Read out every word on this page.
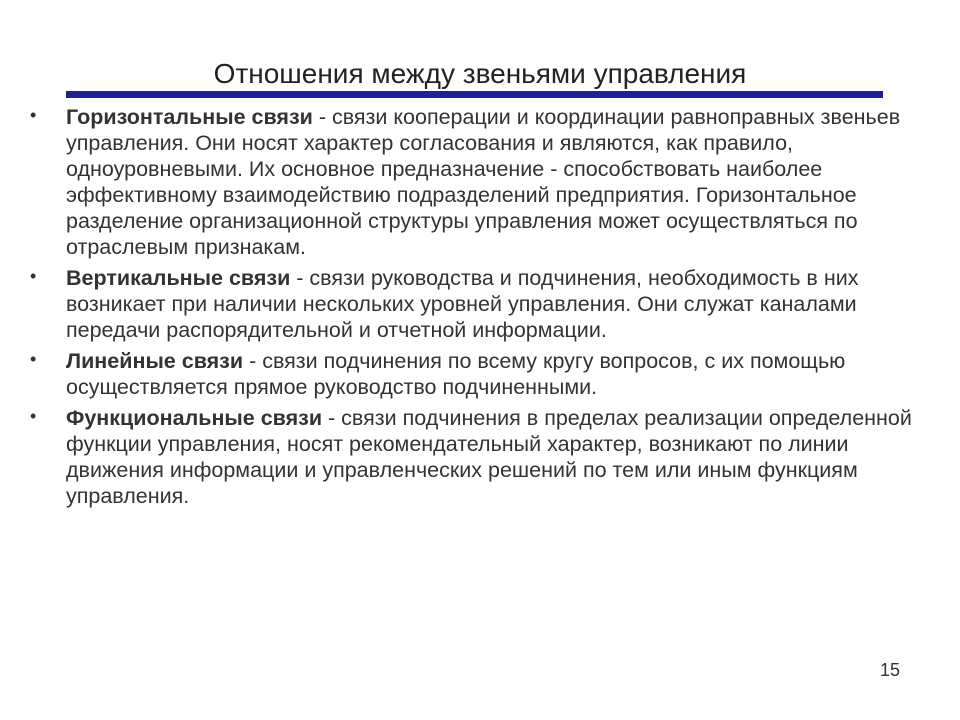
Отношения между звеньями управления
•	Горизонтальные связи - связи кооперации и координации равноправных звеньев управления. Они носят характер согласования и являются, как правило, одноуровневыми. Их основное предназначение - способствовать наиболее эффективному взаимодействию подразделений предприятия. Горизонтальное разделение организационной структуры управления может осуществляться по отраслевым признакам.
•	Вертикальные связи - связи руководства и подчинения, необходимость в них возникает при наличии нескольких уровней управления. Они служат каналами передачи распорядительной и отчетной информации.
•	Линейные связи - связи подчинения по всему кругу вопросов, с их помощью осуществляется прямое руководство подчиненными.
•	Функциональные связи - связи подчинения в пределах реализации определенной функции управления, носят рекомендательный характер, возникают по линии движения информации и управленческих решений по тем или иным функциям управления.
15
